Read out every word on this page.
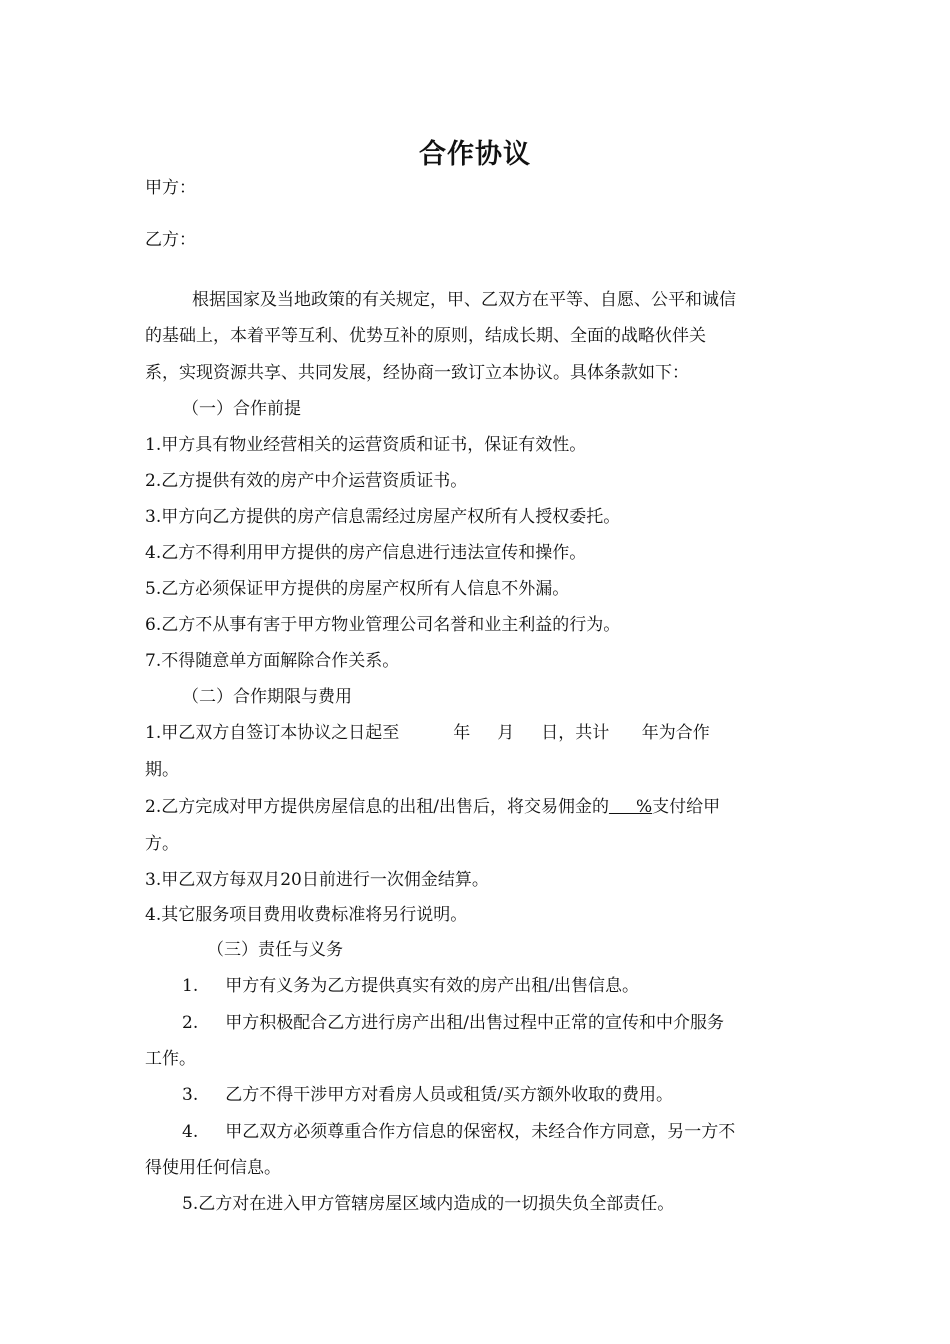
合作协议

甲方：

乙方：

根据国家及当地政策的有关规定，甲、乙双方在平等、自愿、公平和诚信

的基础上，本着平等互利、优势互补的原则，结成长期、全面的战略伙伴关

系，实现资源共享、共同发展，经协商一致订立本协议。具体条款如下：

（一）合作前提

1.甲方具有物业经营相关的运营资质和证书，保证有效性。

2.乙方提供有效的房产中介运营资质证书。

3.甲方向乙方提供的房产信息需经过房屋产权所有人授权委托。

4.乙方不得利用甲方提供的房产信息进行违法宣传和操作。

5.乙方必须保证甲方提供的房屋产权所有人信息不外漏。

6.乙方不从事有害于甲方物业管理公司名誉和业主利益的行为。

7.不得随意单方面解除合作关系。

（二）合作期限与费用

1.甲乙双方自签订本协议之日起至          年     月     日，共计      年为合作

期。

2.乙方完成对甲方提供房屋信息的出租/出售后，将交易佣金的     %支付给甲

方。

3.甲乙双方每双月20日前进行一次佣金结算。

4.其它服务项目费用收费标准将另行说明。

（三）责任与义务

1.     甲方有义务为乙方提供真实有效的房产出租/出售信息。

2.     甲方积极配合乙方进行房产出租/出售过程中正常的宣传和中介服务

工作。

3.     乙方不得干涉甲方对看房人员或租赁/买方额外收取的费用。

4.     甲乙双方必须尊重合作方信息的保密权，未经合作方同意，另一方不

得使用任何信息。

5.乙方对在进入甲方管辖房屋区域内造成的一切损失负全部责任。
